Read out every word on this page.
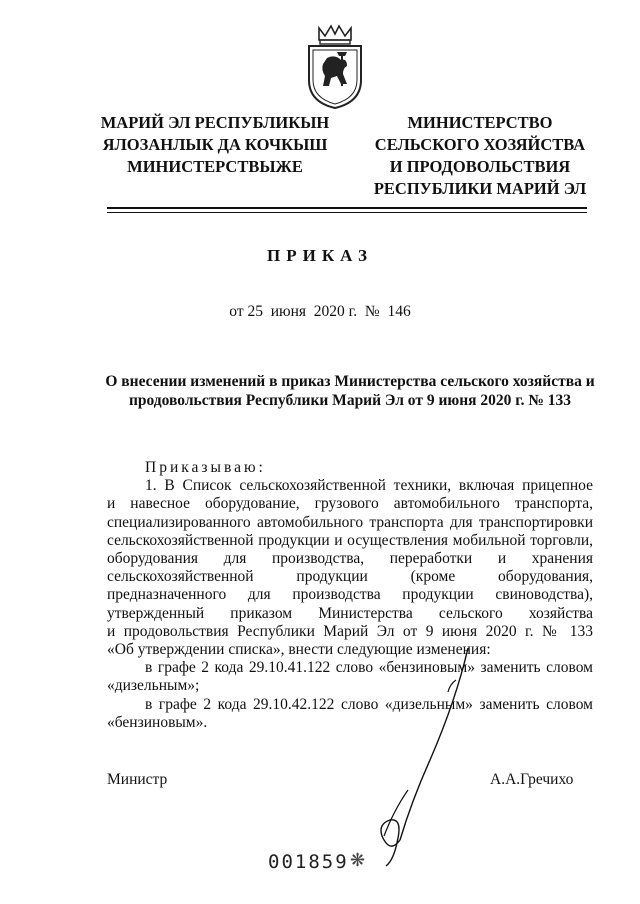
МАРИЙ ЭЛ РЕСПУБЛИКЫН
ЯЛОЗАНЛЫК ДА КОЧКЫШ
МИНИСТЕРСТВЫЖЕ
МИНИСТЕРСТВО
СЕЛЬСКОГО ХОЗЯЙСТВА
И ПРОДОВОЛЬСТВИЯ
РЕСПУБЛИКИ МАРИЙ ЭЛ
ПРИКАЗ
от 25  июня  2020 г.  №  146
О внесении изменений в приказ Министерства сельского хозяйства и продовольствия Республики Марий Эл от 9 июня 2020 г. № 133

Приказываю:

1. В Список сельскохозяйственной техники, включая прицепное

и навесное оборудование, грузового автомобильного транспорта,

специализированного автомобильного транспорта для транспортировки

сельскохозяйственной продукции и осуществления мобильной торговли,

оборудования для производства, переработки и хранения

сельскохозяйственной продукции (кроме оборудования,

предназначенного для производства продукции свиноводства),

утвержденный приказом Министерства сельского хозяйства

и продовольствия Республики Марий Эл от 9 июня 2020 г. № 133

«Об утверждении списка», внести следующие изменения:

в графе 2 кода 29.10.41.122 слово «бензиновым» заменить словом

«дизельным»;

в графе 2 кода 29.10.42.122 слово «дизельным» заменить словом

«бензиновым».

Министр	А.А.Гречихо
001859 ❋
